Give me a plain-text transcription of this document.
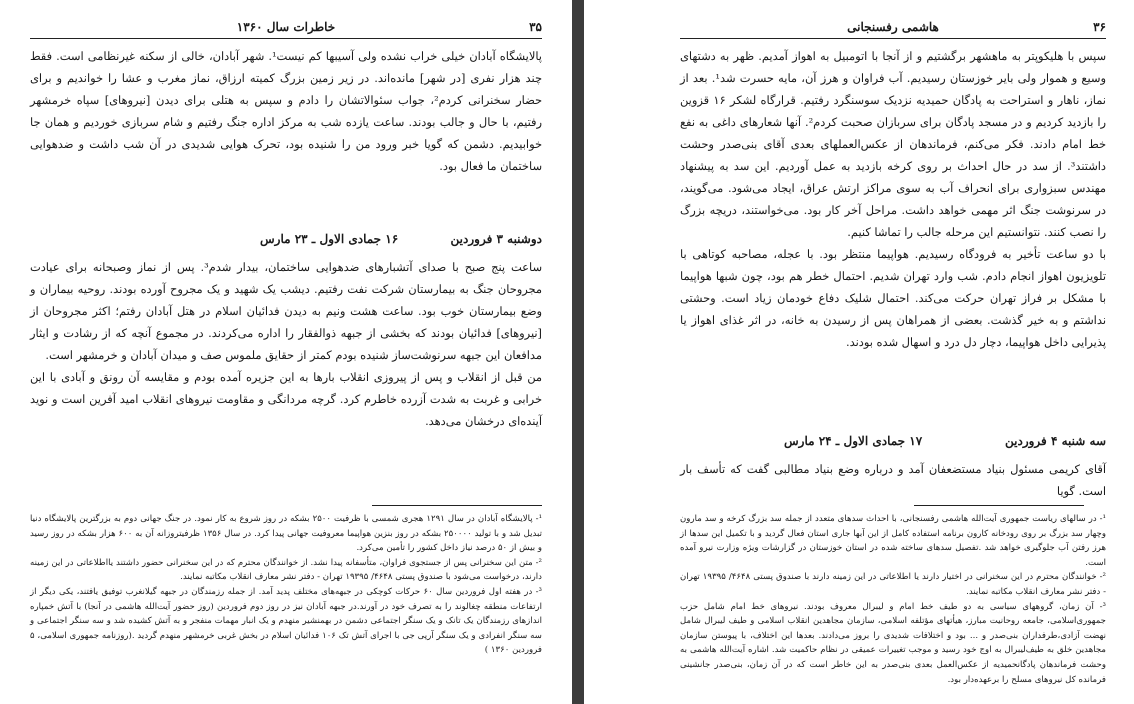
۳۵
خاطرات سال ۱۳۶۰

پالایشگاه آبادان خیلی خراب نشده ولی آسیبها کم نیست¹. شهر آبادان، خالی از سکنه غیرنظامی است. فقط چند هزار نفری [در شهر] مانده‌اند. در زیر زمین بزرگ کمیته ارزاق، نماز مغرب و عشا را خواندیم و برای حضار سخنرانی کردم²، جواب سئوالاتشان را دادم و سپس به هتلی برای دیدن [نیروهای] سپاه خرمشهر رفتیم، با حال و جالب بودند. ساعت یازده شب به مرکز اداره جنگ رفتیم و شام سربازی خوردیم و همان جا خوابیدیم. دشمن که گویا خبر ورود من را شنیده بود، تحرک هوایی شدیدی در آن شب داشت و ضدهوایی ساختمان ما فعال بود.

دوشنبه ۳ فروردین
۱۶ جمادی الاول ـ ۲۳ مارس

ساعت پنج صبح با صدای آتشبارهای ضدهوایی ساختمان، بیدار شدم³. پس از نماز وصبحانه برای عیادت مجروحان جنگ به بیمارستان شرکت نفت رفتیم. دیشب یک شهید و یک مجروح آورده بودند. روحیه بیماران و وضع بیمارستان خوب بود. ساعت هشت ونیم به دیدن فدائیان اسلام در هتل آبادان رفتم؛ اکثر مجروحان از [نیروهای] فدائیان بودند که بخشی از جبهه ذوالفقار را اداره می‌کردند. در مجموع آنچه که از رشادت و ایثار مدافعان این جبهه سرنوشت‌ساز شنیده بودم کمتر از حقایق ملموس صف و میدان آبادان و خرمشهر است.

من قبل از انقلاب و پس از پیروزی انقلاب بارها به این جزیره آمده بودم و مقایسه آن رونق و آبادی با این خرابی و غربت به شدت آزرده خاطرم کرد. گرچه مردانگی و مقاومت نیروهای انقلاب امید آفرین است و نوید آینده‌ای درخشان می‌دهد.

¹- پالایشگاه آبادان در سال ۱۲۹۱ هجری شمسی با ظرفیت ۲۵۰۰ بشکه در روز شروع به کار نمود. در جنگ جهانی دوم به بزرگترین پالایشگاه دنیا تبدیل شد و با تولید ۲۵۰۰۰۰ بشکه در روز بنزین هواپیما معروفیت جهانی پیدا کرد. در سال ۱۳۵۶ ظرفیتروزانه آن به ۶۰۰ هزار بشکه در روز رسید و بیش از ۵۰ درصد نیاز داخل کشور را تأمین می‌کرد.

²- متن این سخنرانی پس از جستجوی فراوان، متأسفانه پیدا نشد. از خوانندگان محترم که در این سخنرانی حضور داشتند یااطلاعاتی در این زمینه دارند، درخواست می‌شود با صندوق پستی ۴۶۴۸/ ۱۹۳۹۵ تهران - دفتر نشر معارف انقلاب مکاتبه نمایند.

³- در هفته اول فروردین سال ۶۰ حرکات کوچکی در جبهه‌های مختلف پدید آمد. از جمله رزمندگان در جبهه گیلانغرب توفیق یافتند، یکی دیگر از ارتفاعات منطقه چغالوند را به تصرف خود در آورند.در جبهه آبادان نیز در روز دوم فروردین (روز حضور آیت‌الله هاشمی در آنجا) با آتش خمپاره اندازهای رزمندگان یک تانک و یک سنگر اجتماعی دشمن در بهمنشیر منهدم و یک انبار مهمات منفجر و به آتش کشیده شد و سه سنگر اجتماعی و سه سنگر انفرادی و یک سنگر آرپی جی با اجرای آتش تک ۱۰۶ فدائیان اسلام در بخش غربی خرمشهر منهدم گردید .(روزنامه جمهوری اسلامی، ۵ فروردین ۱۳۶۰ )

۳۶
هاشمی رفسنجانی

سپس با هلیکوپتر به ماهشهر برگشتیم و از آنجا با اتومبیل به اهواز آمدیم. ظهر به دشتهای وسیع و هموار ولی بایر خوزستان رسیدیم. آب فراوان و هرز آن، مایه حسرت شد¹. بعد از نماز، ناهار و استراحت به پادگان حمیدیه نزدیک سوسنگرد رفتیم. قرارگاه لشکر ۱۶ قزوین را بازدید کردیم و در مسجد پادگان برای سربازان صحبت کردم². آنها شعارهای داغی به نفع خط امام دادند. فکر می‌کنم، فرماندهان از عکس‌العملهای بعدی آقای بنی‌صدر وحشت داشتند³. از سد در حال احداث بر روی کرخه بازدید به عمل آوردیم. این سد به پیشنهاد مهندس سبزواری برای انحراف آب به سوی مراکز ارتش عراق، ایجاد می‌شود. می‌گویند، در سرنوشت جنگ اثر مهمی خواهد داشت. مراحل آخر کار بود. می‌خواستند، دریچه بزرگ را نصب کنند. نتوانستیم این مرحله جالب را تماشا کنیم.

با دو ساعت تأخیر به فرودگاه رسیدیم. هواپیما منتظر بود. با عجله، مصاحبه کوتاهی با تلویزیون اهواز انجام دادم. شب وارد تهران شدیم. احتمال خطر هم بود، چون شبها هواپیما با مشکل بر فراز تهران حرکت می‌کند. احتمال شلیک دفاع خودمان زیاد است. وحشتی نداشتم و به خیر گذشت. بعضی از همراهان پس از رسیدن به خانه، در اثر غذای اهواز یا پذیرایی داخل هواپیما، دچار دل درد و اسهال شده بودند.

سه شنبه ۴ فروردین
۱۷ جمادی الاول ـ ۲۴ مارس

آقای کریمی مسئول بنیاد مستضعفان آمد و درباره وضع بنیاد مطالبی گفت که تأسف بار است. گویا

¹- در سالهای ریاست جمهوری آیت‌الله هاشمی رفسنجانی، با احداث سدهای متعدد از جمله سد بزرگ کرخه و سد مارون وچهار سد بزرگ بر روی رودخانه کارون برنامه استفاده کامل از این آبها جاری استان فعال گردید و با تکمیل این سدها از هرز رفتن آب جلوگیری خواهد شد .تفصیل سدهای ساخته شده در استان خوزستان در گزارشات ویژه وزارت نیرو آمده است.

²- خوانندگان محترم در این سخنرانی در اختیار دارند یا اطلاعاتی در این زمینه دارند با صندوق پستی ۴۶۴۸/ ۱۹۳۹۵ تهران - دفتر نشر معارف انقلاب مکاتبه نمایند.

³- آن زمان، گروههای سیاسی به دو طیف خط امام و لیبرال معروف بودند. نیروهای خط امام شامل حزب جمهوری‌اسلامی، جامعه روحانیت مبارز، هیأتهای مؤتلفه اسلامی، سازمان مجاهدین انقلاب اسلامی و طیف لیبرال شامل نهضت آزادی،طرفداران بنی‌صدر و ... بود و اختلافات شدیدی را بروز می‌دادند. بعدها این اختلاف، با پیوستن سازمان مجاهدین خلق به طیف‌لیبرال به اوج خود رسید و موجب تغییرات عمیقی در نظام حاکمیت شد. اشاره آیت‌الله هاشمی به وحشت فرماندهان پادگانحمیدیه از عکس‌العمل بعدی بنی‌صدر به این خاطر است که در آن زمان، بنی‌صدر جانشینی فرمانده کل نیروهای مسلح را بر‌عهده‌دار بود.
